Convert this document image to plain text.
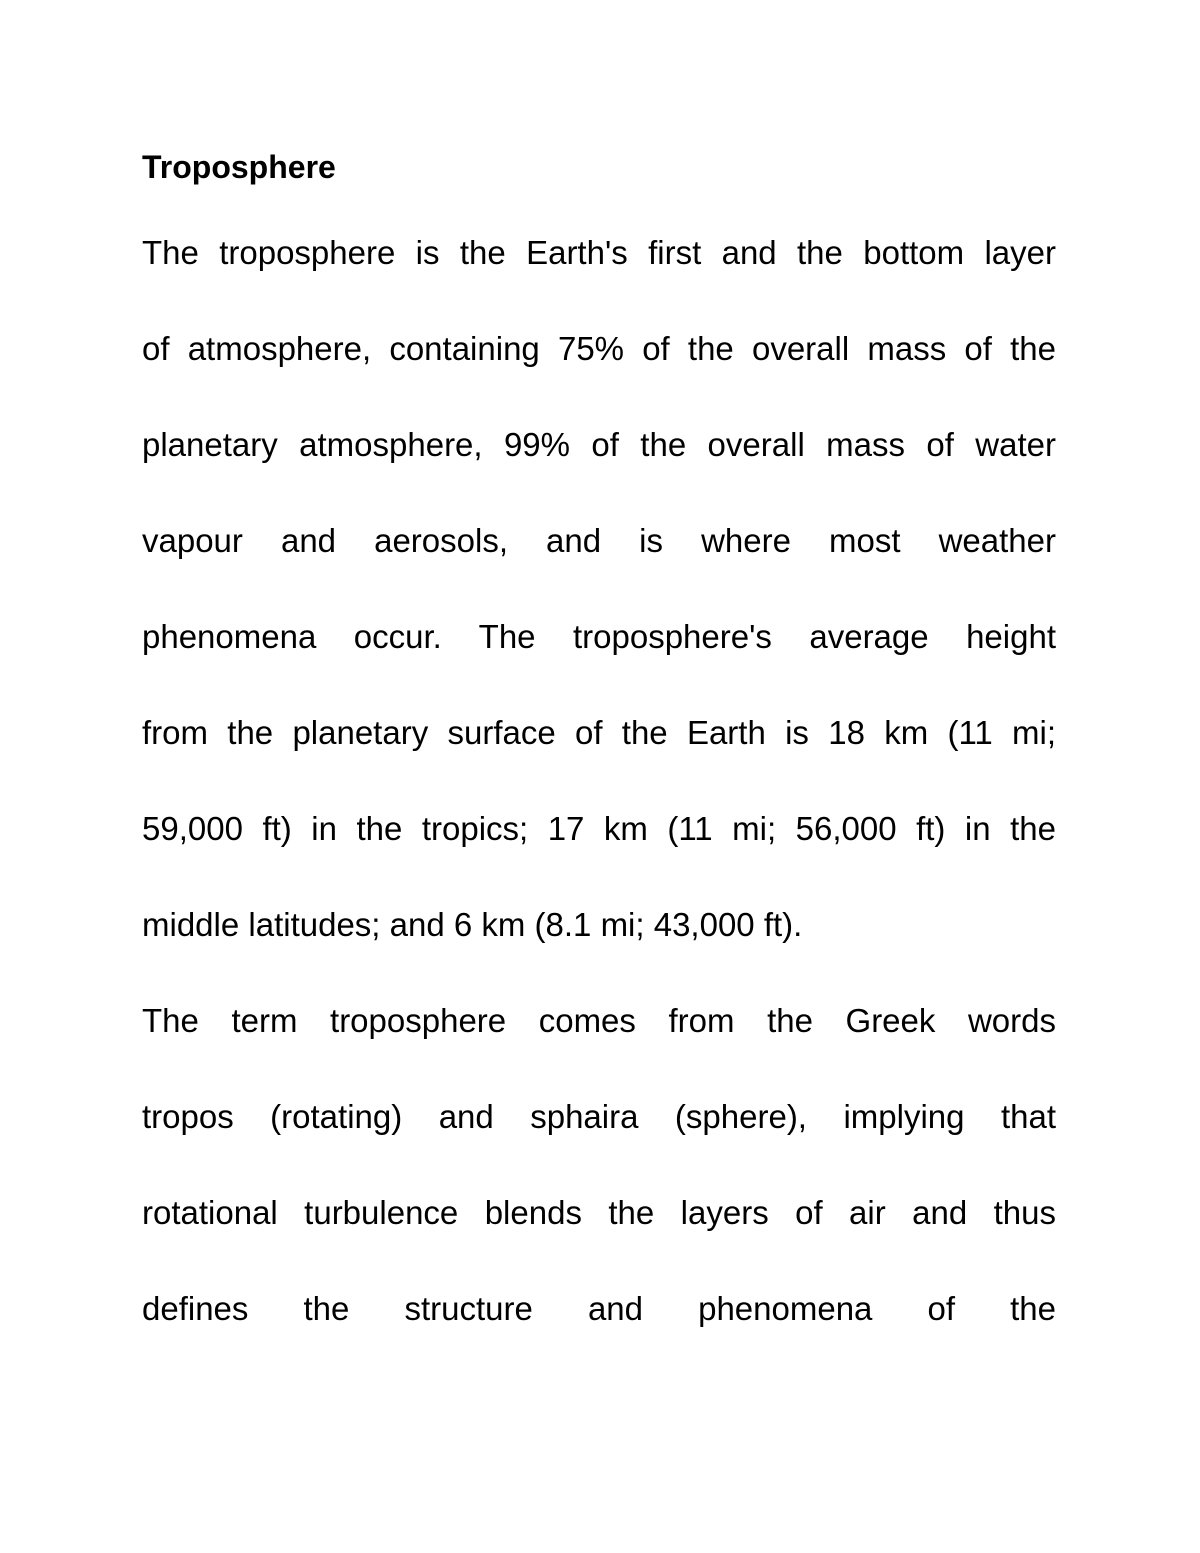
Troposphere
The troposphere is the Earth's first and the bottom layer
of atmosphere, containing 75% of the overall mass of the
planetary atmosphere, 99% of the overall mass of water
vapour and aerosols, and is where most weather
phenomena occur. The troposphere's average height
from the planetary surface of the Earth is 18 km (11 mi;
59,000 ft) in the tropics; 17 km (11 mi; 56,000 ft) in the
middle latitudes; and 6 km (8.1 mi; 43,000 ft).
The term troposphere comes from the Greek words
tropos (rotating) and sphaira (sphere), implying that
rotational turbulence blends the layers of air and thus
defines the structure and phenomena of the
